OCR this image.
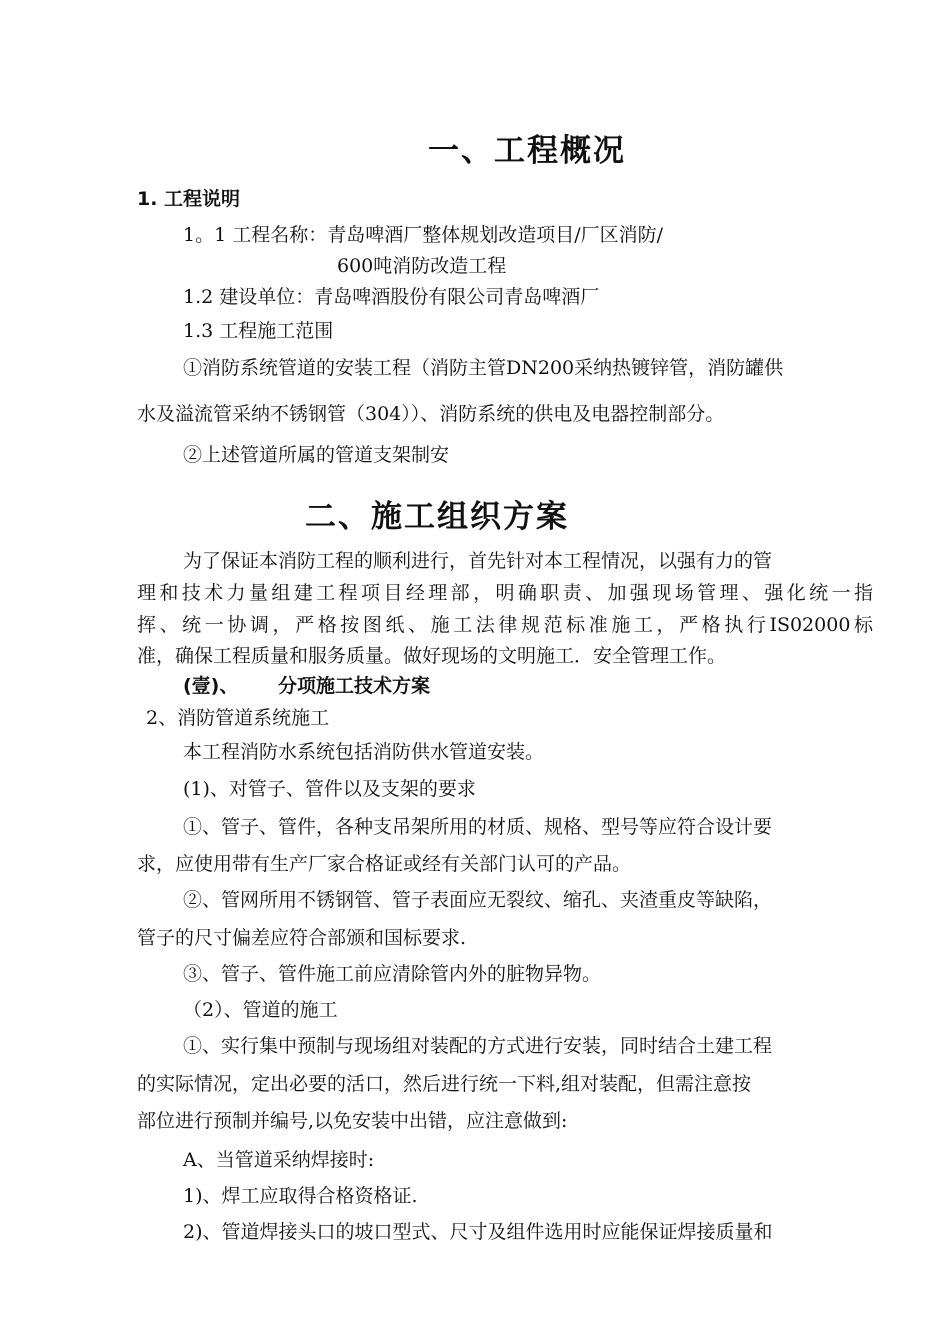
一、工程概况
1. 工程说明
1。1 工程名称：青岛啤酒厂整体规划改造项目/厂区消防/
600吨消防改造工程
1.2 建设单位：青岛啤酒股份有限公司青岛啤酒厂
1.3 工程施工范围
①消防系统管道的安装工程（消防主管DN200采纳热镀锌管，消防罐供
水及溢流管采纳不锈钢管（304））、消防系统的供电及电器控制部分。
②上述管道所属的管道支架制安
二、施工组织方案
为了保证本消防工程的顺利进行，首先针对本工程情况，以强有力的管
理和技术力量组建工程项目经理部，明确职责、加强现场管理、强化统一指
挥、统一协调，严格按图纸、施工法律规范标准施工，严格执行IS02000标
准，确保工程质量和服务质量。做好现场的文明施工．安全管理工作。
(壹)、      分项施工技术方案
2、消防管道系统施工
本工程消防水系统包括消防供水管道安装。
(1)、对管子、管件以及支架的要求
①、管子、管件，各种支吊架所用的材质、规格、型号等应符合设计要
求，应使用带有生产厂家合格证或经有关部门认可的产品。
②、管网所用不锈钢管、管子表面应无裂纹、缩孔、夹渣重皮等缺陷，
管子的尺寸偏差应符合部颁和国标要求.
③、管子、管件施工前应清除管内外的脏物异物。
（2）、管道的施工
①、实行集中预制与现场组对装配的方式进行安装，同时结合土建工程
的实际情况，定出必要的活口，然后进行统一下料,组对装配，但需注意按
部位进行预制并编号,以免安装中出错，应注意做到:
A、当管道采纳焊接时:
1)、焊工应取得合格资格证.
2)、管道焊接头口的坡口型式、尺寸及组件选用时应能保证焊接质量和
